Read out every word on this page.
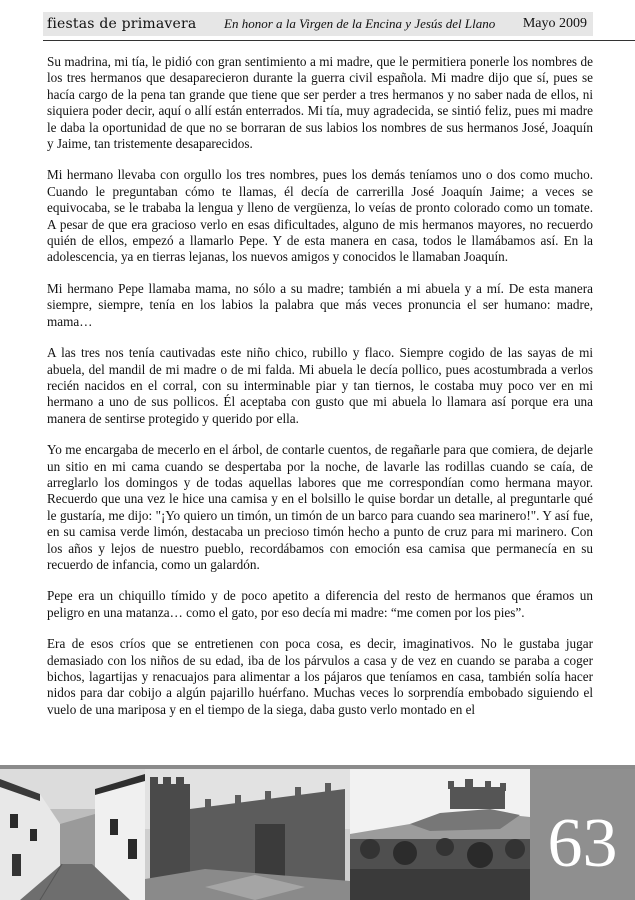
fiestas de primavera En honor a la Virgen de la Encina y Jesús del Llano Mayo 2009

Su madrina, mi tía, le pidió con gran sentimiento a mi madre, que le permitiera ponerle los nombres de los tres hermanos que desaparecieron durante la guerra civil española. Mi madre dijo que sí, pues se hacía cargo de la pena tan grande que tiene que ser perder a tres hermanos y no saber nada de ellos, ni siquiera poder decir, aquí o allí están enterrados. Mi tía, muy agradecida, se sintió feliz, pues mi madre le daba la oportunidad de que no se borraran de sus labios los nombres de sus hermanos José, Joaquín y Jaime, tan tristemente desaparecidos.

Mi hermano llevaba con orgullo los tres nombres, pues los demás teníamos uno o dos como mucho. Cuando le preguntaban cómo te llamas, él decía de carrerilla José Joaquín Jaime; a veces se equivocaba, se le trababa la lengua y lleno de vergüenza, lo veías de pronto colorado como un tomate. A pesar de que era gracioso verlo en esas dificultades, alguno de mis hermanos mayores, no recuerdo quién de ellos, empezó a llamarlo Pepe. Y de esta manera en casa, todos le llamábamos así. En la adolescencia, ya en tierras lejanas, los nuevos amigos y conocidos le llamaban Joaquín.

Mi hermano Pepe llamaba mama, no sólo a su madre; también a mi abuela y a mí. De esta manera siempre, siempre, tenía en los labios la palabra que más veces pronuncia el ser humano: madre, mama…

A las tres nos tenía cautivadas este niño chico, rubillo y flaco. Siempre cogido de las sayas de mi abuela, del mandil de mi madre o de mi falda. Mi abuela le decía pollico, pues acostumbrada a verlos recién nacidos en el corral, con su interminable piar y tan tiernos, le costaba muy poco ver en mi hermano a uno de sus pollicos. Él aceptaba con gusto que mi abuela lo llamara así porque era una manera de sentirse protegido y querido por ella.

Yo me encargaba de mecerlo en el árbol, de contarle cuentos, de regañarle para que comiera, de dejarle un sitio en mi cama cuando se despertaba por la noche, de lavarle las rodillas cuando se caía, de arreglarlo los domingos y de todas aquellas labores que me correspondían como hermana mayor. Recuerdo que una vez le hice una camisa y en el bolsillo le quise bordar un detalle, al preguntarle qué le gustaría, me dijo: "¡Yo quiero un timón, un timón de un barco para cuando sea marinero!". Y así fue, en su camisa verde limón, destacaba un precioso timón hecho a punto de cruz para mi marinero. Con los años y lejos de nuestro pueblo, recordábamos con emoción esa camisa que permanecía en su recuerdo de infancia, como un galardón.

Pepe era un chiquillo tímido y de poco apetito a diferencia del resto de hermanos que éramos un peligro en una matanza… como el gato, por eso decía mi madre: “me comen por los pies”.

Era de esos críos que se entretienen con poca cosa, es decir, imaginativos. No le gustaba jugar demasiado con los niños de su edad, iba de los párvulos a casa y de vez en cuando se paraba a coger bichos, lagartijas y renacuajos para alimentar a los pájaros que teníamos en casa, también solía hacer nidos para dar cobijo a algún pajarillo huérfano. Muchas veces lo sorprendía embobado siguiendo el vuelo de una mariposa y en el tiempo de la siega, daba gusto verlo montado en el

63
